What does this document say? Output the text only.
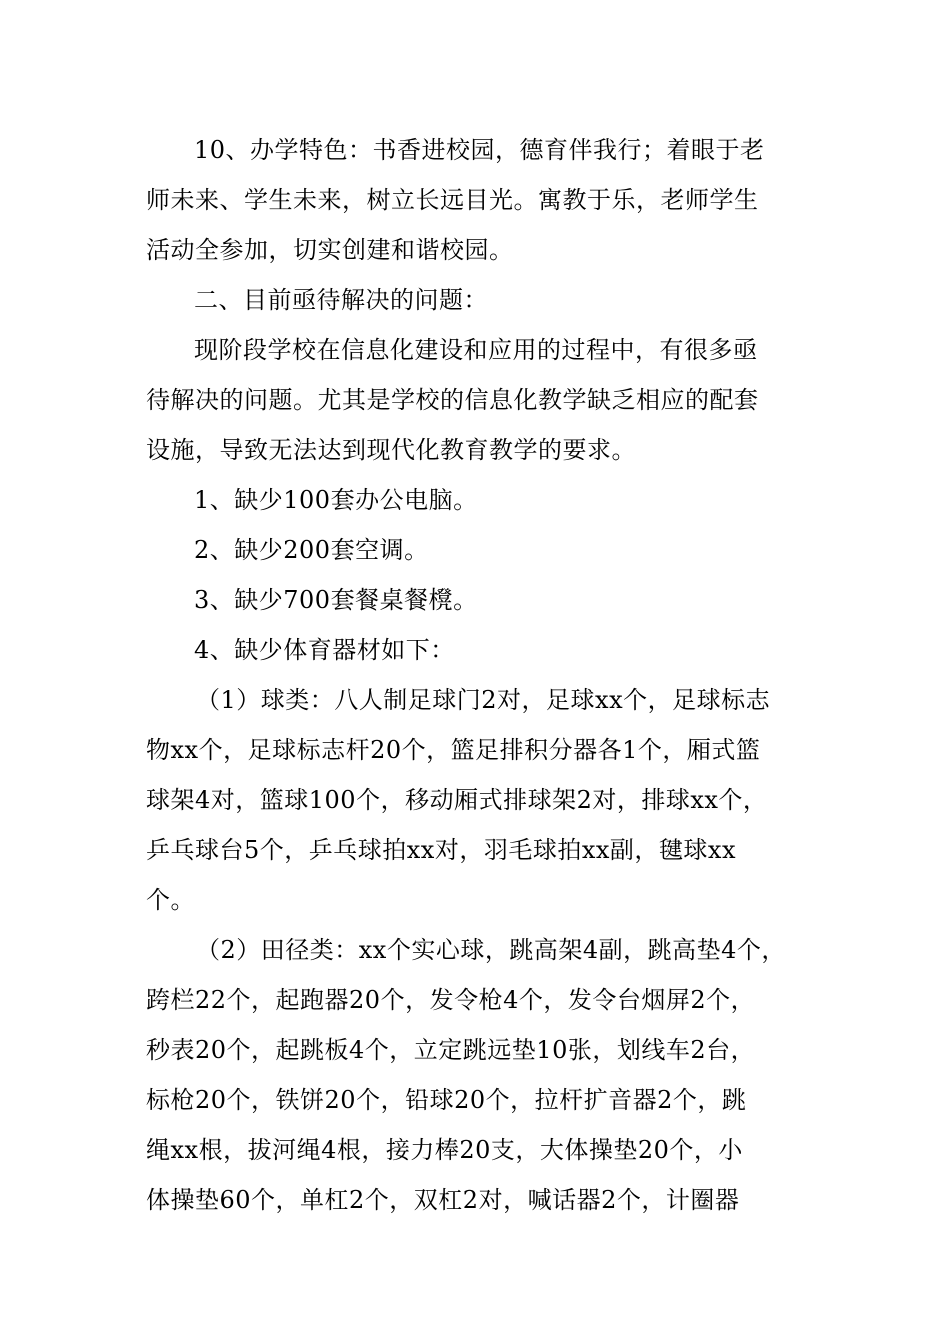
10、办学特色：书香进校园，德育伴我行；着眼于老
师未来、学生未来，树立长远目光。寓教于乐，老师学生
活动全参加，切实创建和谐校园。
二、目前亟待解决的问题：
现阶段学校在信息化建设和应用的过程中，有很多亟
待解决的问题。尤其是学校的信息化教学缺乏相应的配套
设施，导致无法达到现代化教育教学的要求。
1、缺少100套办公电脑。
2、缺少200套空调。
3、缺少700套餐桌餐櫈。
4、缺少体育器材如下：
（1）球类：八人制足球门2对，足球xx个，足球标志
物xx个，足球标志杆20个，篮足排积分器各1个，厢式篮
球架4对，篮球100个，移动厢式排球架2对，排球xx个，
乒乓球台5个，乒乓球拍xx对，羽毛球拍xx副，毽球xx
个。
（2）田径类：xx个实心球，跳高架4副，跳高垫4个，
跨栏22个，起跑器20个，发令枪4个，发令台烟屏2个，
秒表20个，起跳板4个，立定跳远垫10张，划线车2台，
标枪20个，铁饼20个，铅球20个，拉杆扩音器2个，跳
绳xx根，拔河绳4根，接力棒20支，大体操垫20个，小
体操垫60个，单杠2个，双杠2对，喊话器2个，计圈器
